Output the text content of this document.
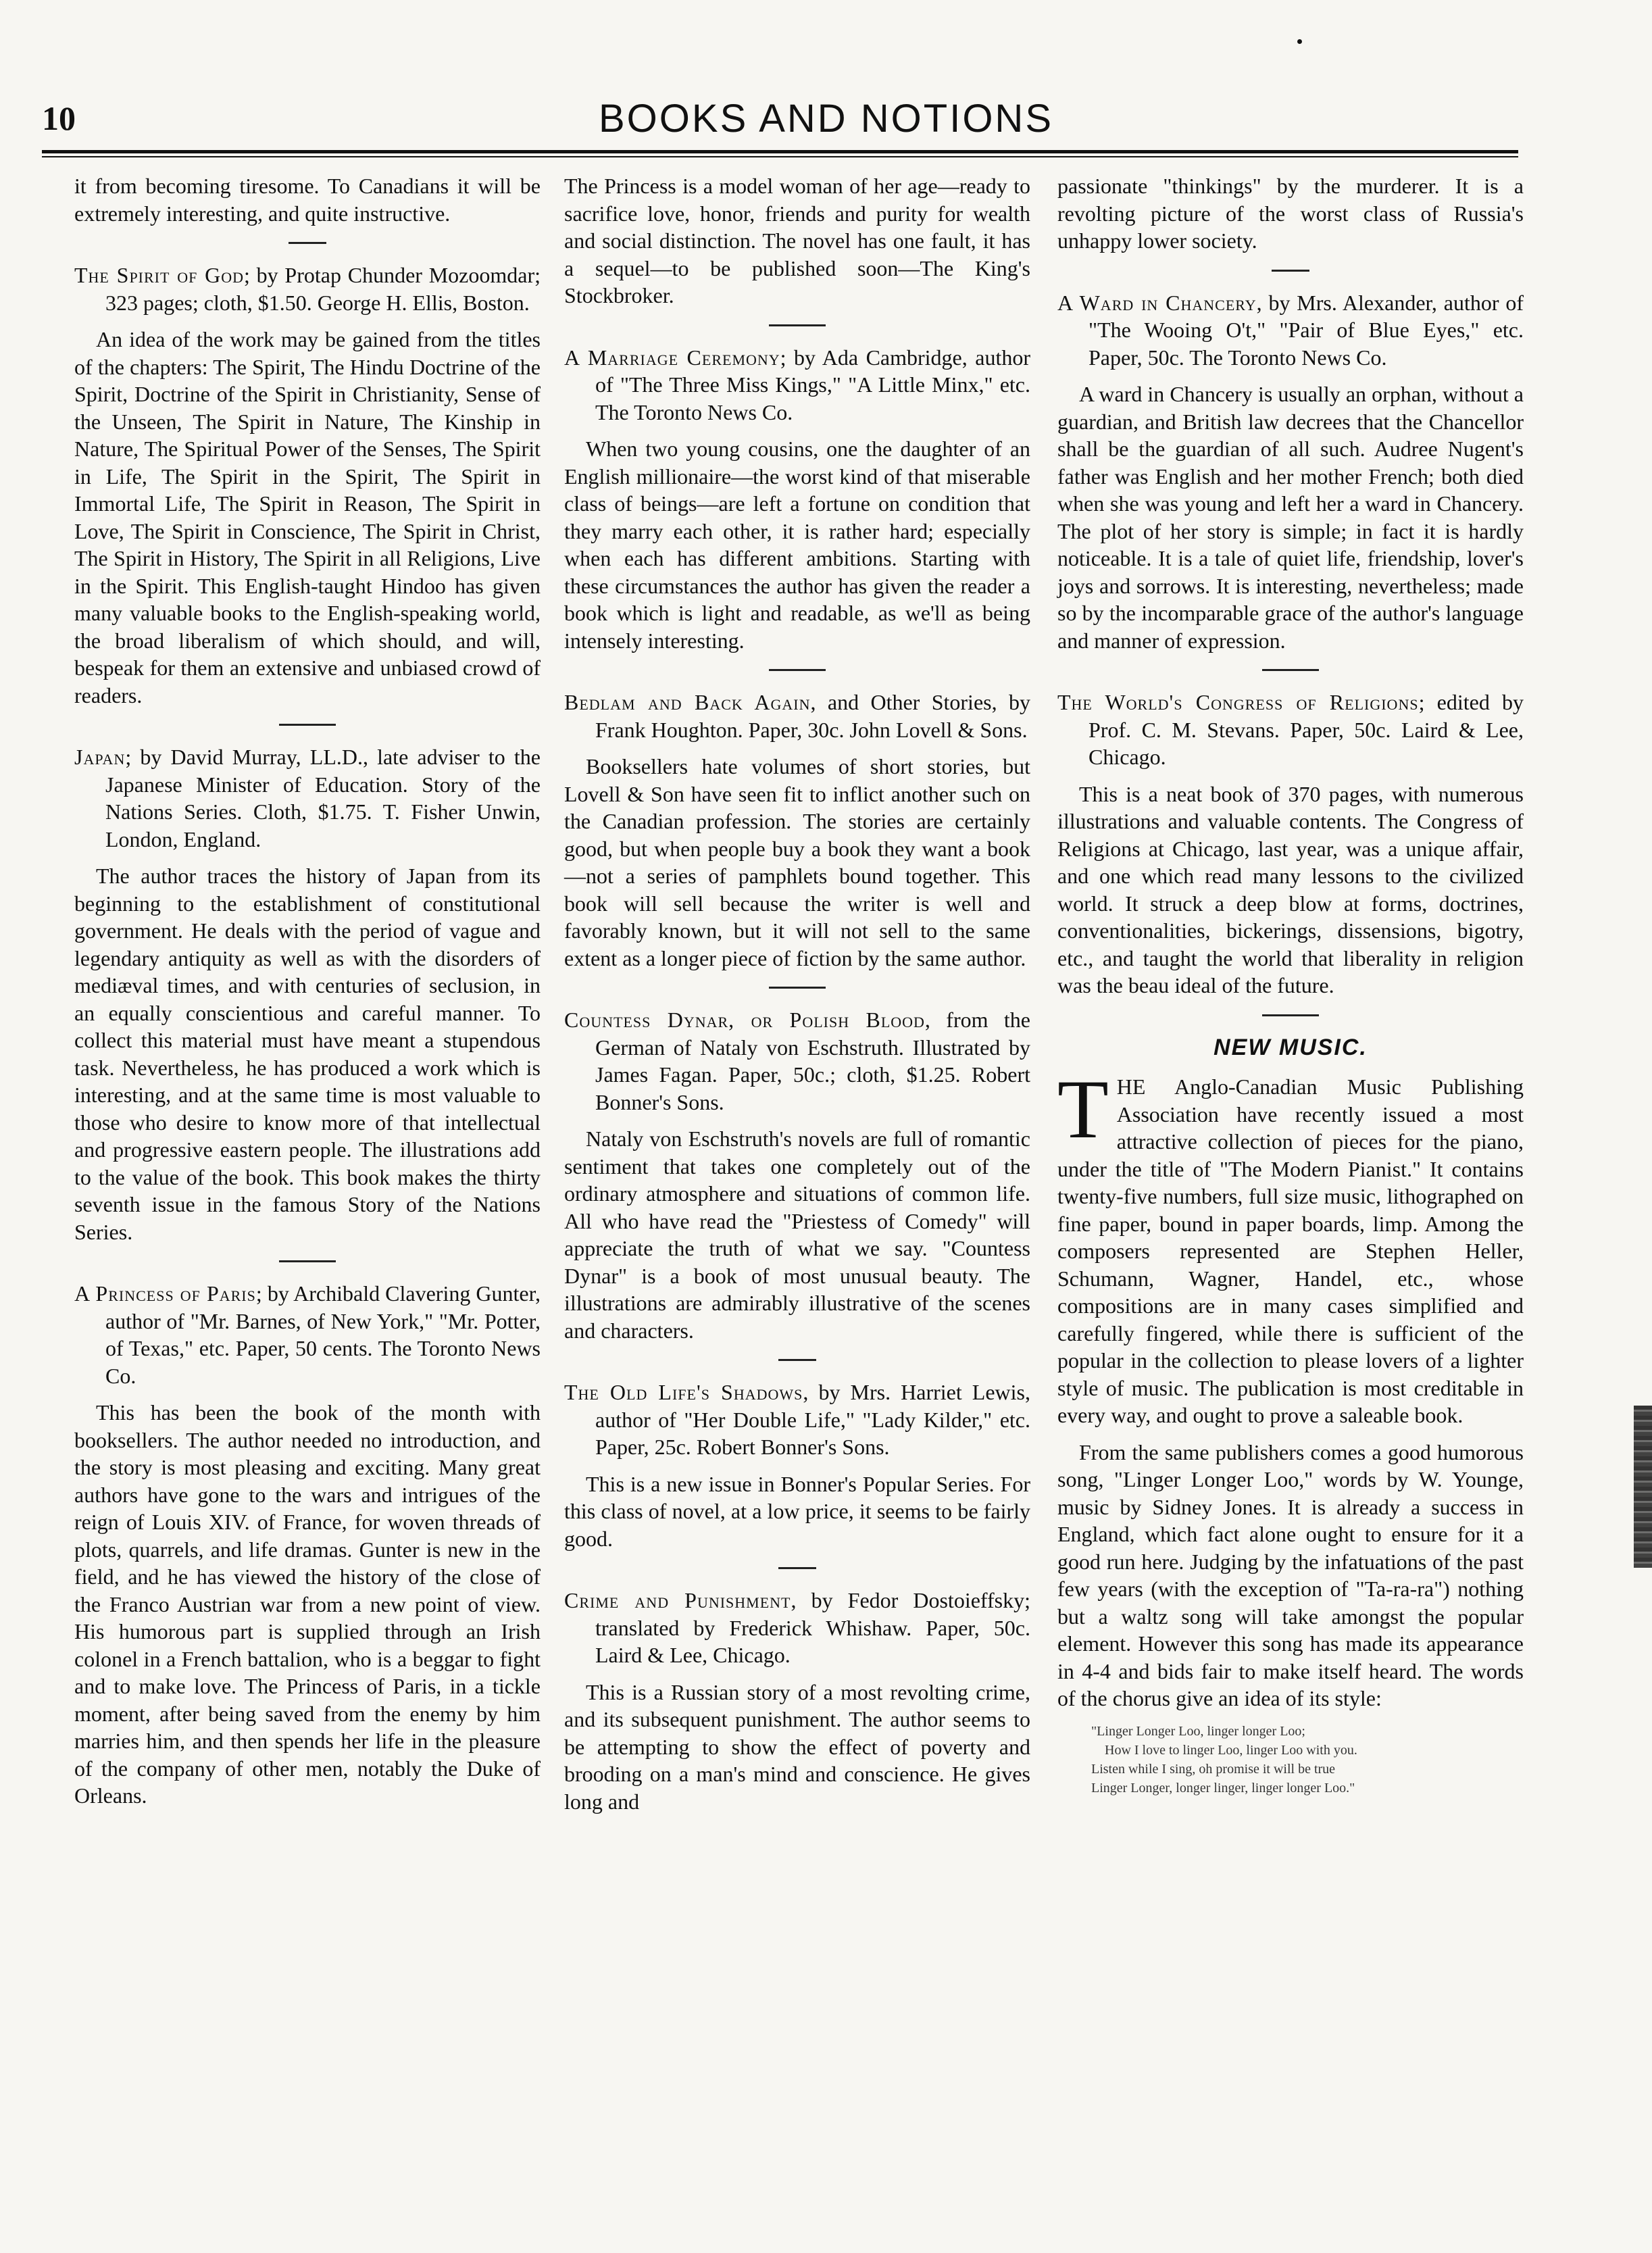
10	BOOKS AND NOTIONS

it from becoming tiresome. To Canadians it will be extremely interesting, and quite instructive.

The Spirit of God; by Protap Chunder Mozoomdar; 323 pages; cloth, $1.50. George H. Ellis, Boston.

An idea of the work may be gained from the titles of the chapters: The Spirit, The Hindu Doctrine of the Spirit, Doctrine of the Spirit in Christianity, Sense of the Unseen, The Spirit in Nature, The Kinship in Nature, The Spiritual Power of the Senses, The Spirit in Life, The Spirit in the Spirit, The Spirit in Immortal Life, The Spirit in Reason, The Spirit in Love, The Spirit in Conscience, The Spirit in Christ, The Spirit in History, The Spirit in all Religions, Live in the Spirit. This English-taught Hindoo has given many valuable books to the English-speaking world, the broad liberalism of which should, and will, bespeak for them an extensive and unbiased crowd of readers.

Japan; by David Murray, LL.D., late adviser to the Japanese Minister of Education. Story of the Nations Series. Cloth, $1.75. T. Fisher Unwin, London, England.

The author traces the history of Japan from its beginning to the establishment of constitutional government. He deals with the period of vague and legendary antiquity as well as with the disorders of mediæval times, and with centuries of seclusion, in an equally conscientious and careful manner. To collect this material must have meant a stupendous task. Nevertheless, he has produced a work which is interesting, and at the same time is most valuable to those who desire to know more of that intellectual and progressive eastern people. The illustrations add to the value of the book. This book makes the thirty seventh issue in the famous Story of the Nations Series.

A Princess of Paris; by Archibald Clavering Gunter, author of "Mr. Barnes, of New York," "Mr. Potter, of Texas," etc. Paper, 50 cents. The Toronto News Co.

This has been the book of the month with booksellers. The author needed no introduction, and the story is most pleasing and exciting. Many great authors have gone to the wars and intrigues of the reign of Louis XIV. of France, for woven threads of plots, quarrels, and life dramas. Gunter is new in the field, and he has viewed the history of the close of the Franco Austrian war from a new point of view. His humorous part is supplied through an Irish colonel in a French battalion, who is a beggar to fight and to make love. The Princess of Paris, in a tickle moment, after being saved from the enemy by him marries him, and then spends her life in the pleasure of the company of other men, notably the Duke of Orleans.

The Princess is a model woman of her age—ready to sacrifice love, honor, friends and purity for wealth and social distinction. The novel has one fault, it has a sequel—to be published soon—The King's Stockbroker.

A Marriage Ceremony; by Ada Cambridge, author of "The Three Miss Kings," "A Little Minx," etc. The Toronto News Co.

When two young cousins, one the daughter of an English millionaire—the worst kind of that miserable class of beings—are left a fortune on condition that they marry each other, it is rather hard; especially when each has different ambitions. Starting with these circumstances the author has given the reader a book which is light and readable, as we'll as being intensely interesting.

Bedlam and Back Again, and Other Stories, by Frank Houghton. Paper, 30c. John Lovell & Sons.

Booksellers hate volumes of short stories, but Lovell & Son have seen fit to inflict another such on the Canadian profession. The stories are certainly good, but when people buy a book they want a book—not a series of pamphlets bound together. This book will sell because the writer is well and favorably known, but it will not sell to the same extent as a longer piece of fiction by the same author.

Countess Dynar, or Polish Blood, from the German of Nataly von Eschstruth. Illustrated by James Fagan. Paper, 50c.; cloth, $1.25. Robert Bonner's Sons.

Nataly von Eschstruth's novels are full of romantic sentiment that takes one completely out of the ordinary atmosphere and situations of common life. All who have read the "Priestess of Comedy" will appreciate the truth of what we say. "Countess Dynar" is a book of most unusual beauty. The illustrations are admirably illustrative of the scenes and characters.

The Old Life's Shadows, by Mrs. Harriet Lewis, author of "Her Double Life," "Lady Kilder," etc. Paper, 25c. Robert Bonner's Sons.

This is a new issue in Bonner's Popular Series. For this class of novel, at a low price, it seems to be fairly good.

Crime and Punishment, by Fedor Dostoieffsky; translated by Frederick Whishaw. Paper, 50c. Laird & Lee, Chicago.

This is a Russian story of a most revolting crime, and its subsequent punishment. The author seems to be attempting to show the effect of poverty and brooding on a man's mind and conscience. He gives long and

passionate "thinkings" by the murderer. It is a revolting picture of the worst class of Russia's unhappy lower society.

A Ward in Chancery, by Mrs. Alexander, author of "The Wooing O't," "Pair of Blue Eyes," etc. Paper, 50c. The Toronto News Co.

A ward in Chancery is usually an orphan, without a guardian, and British law decrees that the Chancellor shall be the guardian of all such. Audree Nugent's father was English and her mother French; both died when she was young and left her a ward in Chancery. The plot of her story is simple; in fact it is hardly noticeable. It is a tale of quiet life, friendship, lover's joys and sorrows. It is interesting, nevertheless; made so by the incomparable grace of the author's language and manner of expression.

The World's Congress of Religions; edited by Prof. C. M. Stevans. Paper, 50c. Laird & Lee, Chicago.

This is a neat book of 370 pages, with numerous illustrations and valuable contents. The Congress of Religions at Chicago, last year, was a unique affair, and one which read many lessons to the civilized world. It struck a deep blow at forms, doctrines, conventionalities, bickerings, dissensions, bigotry, etc., and taught the world that liberality in religion was the beau ideal of the future.

NEW MUSIC.

THE Anglo-Canadian Music Publishing Association have recently issued a most attractive collection of pieces for the piano, under the title of "The Modern Pianist." It contains twenty-five numbers, full size music, lithographed on fine paper, bound in paper boards, limp. Among the composers represented are Stephen Heller, Schumann, Wagner, Handel, etc., whose compositions are in many cases simplified and carefully fingered, while there is sufficient of the popular in the collection to please lovers of a lighter style of music. The publication is most creditable in every way, and ought to prove a saleable book.

From the same publishers comes a good humorous song, "Linger Longer Loo," words by W. Younge, music by Sidney Jones. It is already a success in England, which fact alone ought to ensure for it a good run here. Judging by the infatuations of the past few years (with the exception of "Ta-ra-ra") nothing but a waltz song will take amongst the popular element. However this song has made its appearance in 4-4 and bids fair to make itself heard. The words of the chorus give an idea of its style:

"Linger Longer Loo, linger longer Loo;
How I love to linger Loo, linger Loo with you.
Listen while I sing, oh promise it will be true
Linger Longer, longer linger, linger longer Loo."
